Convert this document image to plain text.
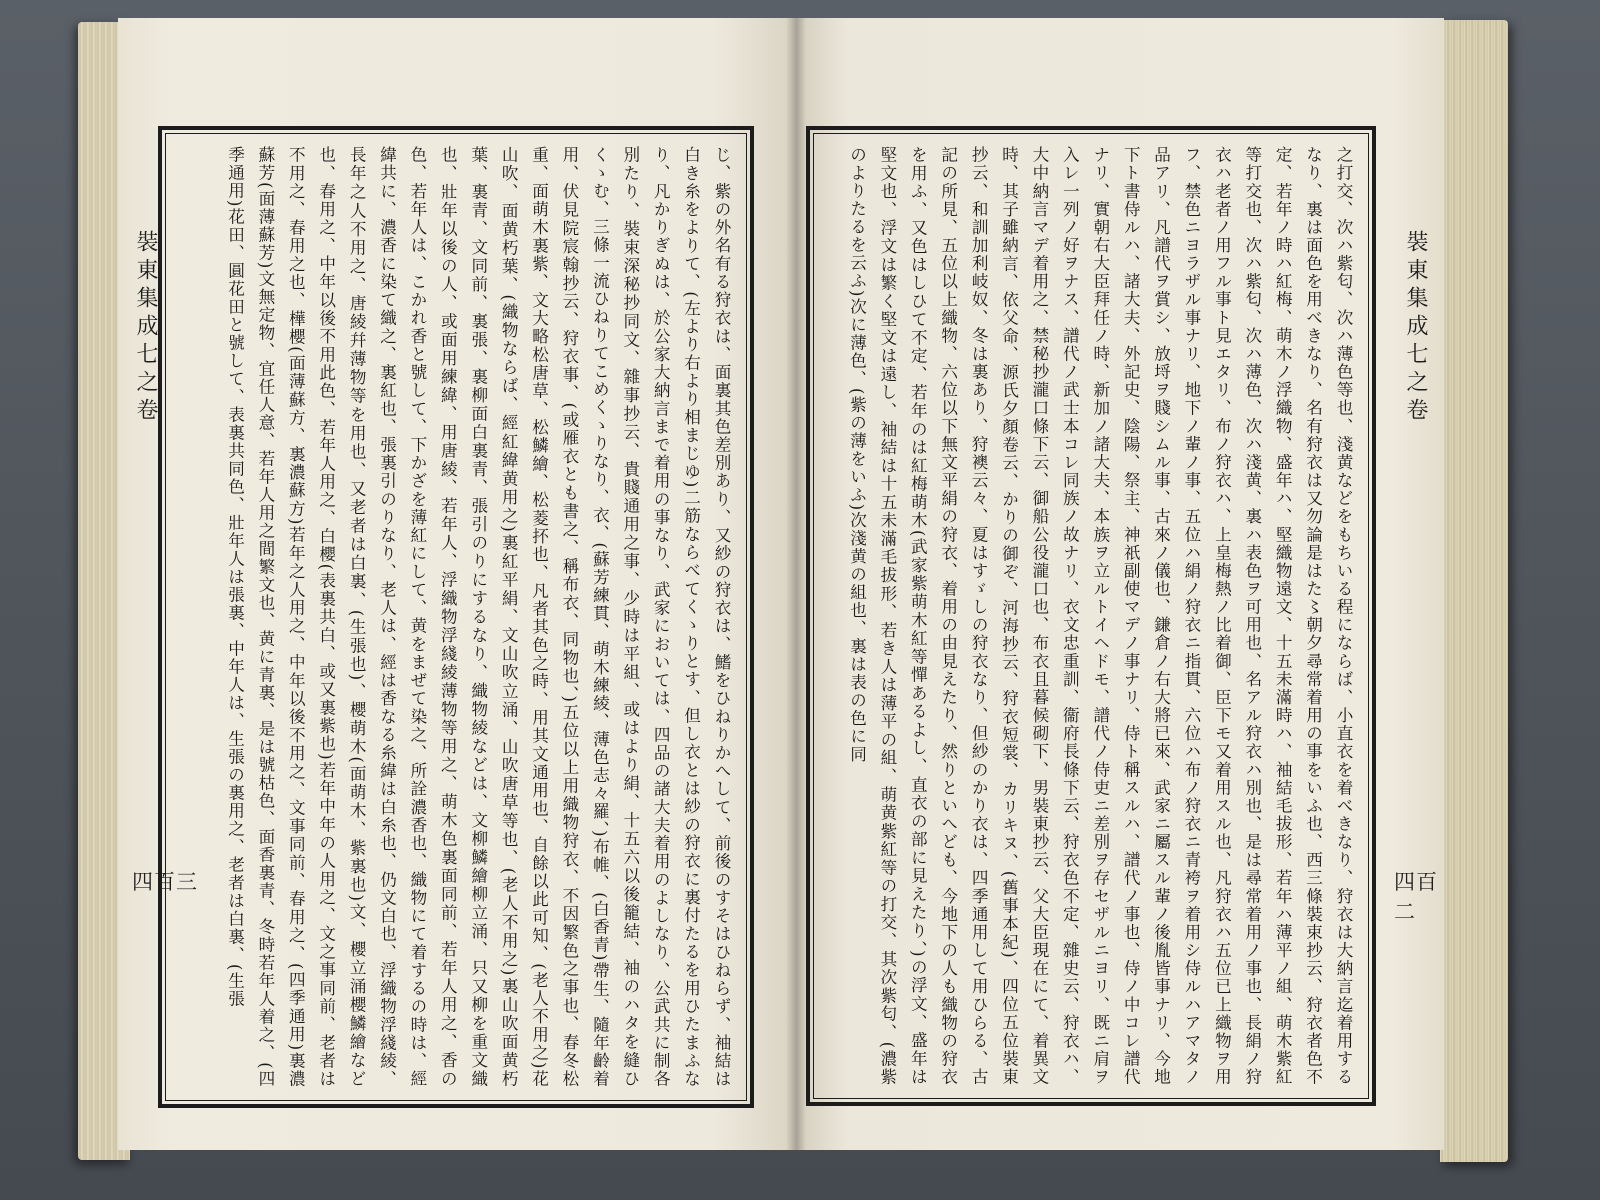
裝東集成七之卷
四百三	じ、紫の外名有る狩衣は、面裏其色差別あり、又紗の狩衣は、鰭をひねりかへして、前後のすそはひねらず、袖結は白き糸をよりて、(左より右より相まじゆ)二筋ならべてくゝりとす、但し衣とは紗の狩衣に裏付たるを用ひたまふなり、凡かりぎぬは、於公家大納言まで着用の事なり、武家においては、四品の諸大夫着用のよしなり、公武共に制各別たり、裝束深秘抄同文、雜事抄云、貴賤通用之事、少時は平組、或はより絹、十五六以後籠結、袖のハタを縫ひくゝむ、三條一流ひねりてこめくゝりなり、衣、(蘇芳練貫、萌木練綾、薄色志々羅、)布帷、(白香青)帶生、隨年齡着用、伏見院宸翰抄云、狩衣事、(或雁衣とも書之、稱布衣、同物也、)五位以上用織物狩衣、不因繁色之事也、春冬松重、面萌木裏紫、文大略松唐草、松鱗繪、松菱抔也、凡者其色之時、用其文通用也、自餘以此可知、(老人不用之)花山吹、面黄朽葉、(織物ならば、經紅緯黄用之)裏紅平絹、文山吹立涌、山吹唐草等也、(老人不用之)裏山吹面黄朽葉、裏青、文同前、裏張、裏柳面白裏青、張引のりにするなり、織物綾などは、文柳鱗繪柳立涌、只又柳を重文織也、壯年以後の人、或面用練緯、用唐綾、若年人、浮織物浮綫綾薄物等用之、萌木色裏面同前、若年人用之、香の色、若年人は、こかれ香と號して、下かざを薄紅にして、黄をまぜて染之、所詮濃香也、織物にて着するの時は、經緯共に、濃香に染て織之、裏紅也、張裏引のりなり、老人は、經は香なる糸緯は白糸也、仍文白也、浮織物浮綫綾、長年之人不用之、唐綾幷薄物等を用也、又老者は白裏、(生張也)、櫻萌木(面萌木、紫裏也)文、櫻立涌櫻鱗繪など也、春用之、中年以後不用此色、若年人用之、白櫻(表裏共白、或又裏紫也)若年中年の人用之、文之事同前、老者は不用之、春用之也、樺櫻(面薄蘇方、裏濃蘇方)若年之人用之、中年以後不用之、文事同前、春用之、(四季通用)裏濃蘇芳(面薄蘇芳)文無定物、宜任人意、若年人用之間繁文也、黄に青裏、是は號枯色、面香裏青、冬時若年人着之、(四季通用)花田、圓花田と號して、表裏共同色、壯年人は張裏、中年人は、生張の裏用之、老者は白裏、(生張	之打交、次ハ紫匂、次ハ薄色等也、淺黄などをもちいる程にならば、小直衣を着べきなり、狩衣は大納言迄着用するなり、裏は面色を用べきなり、名有狩衣は又勿論是はた〻朝夕尋常着用の事をいふ也、西三條裝束抄云、狩衣者色不定、若年ノ時ハ紅梅、萌木ノ浮織物、盛年ハ、堅織物遠文、十五未滿時ハ、袖結毛拔形、若年ハ薄平ノ組、萌木紫紅等打交也、次ハ紫匂、次ハ薄色、次ハ淺黄、裏ハ表色ヲ可用也、名アル狩衣ハ別也、是は尋常着用ノ事也、長絹ノ狩衣ハ老者ノ用フル事ト見エタリ、布ノ狩衣ハ、上皇梅熱ノ比着御、臣下モ又着用スル也、凡狩衣ハ五位已上織物ヲ用フ、禁色ニヨラザル事ナリ、地下ノ輩ノ事、五位ハ絹ノ狩衣ニ指貫、六位ハ布ノ狩衣ニ青袴ヲ着用シ侍ルハアマタノ品アリ、凡譜代ヲ賞シ、放埒ヲ賤シムル事、古來ノ儀也、鎌倉ノ右大將已來、武家ニ屬スル輩ノ後胤皆事ナリ、今地下ト書侍ルハ、諸大夫、外記史、陰陽、祭主、神祇副使マデノ事ナリ、侍ト稱スルハ、譜代ノ事也、侍ノ中コレ譜代ナリ、實朝右大臣拜任ノ時、新加ノ諸大夫、本族ヲ立ルトイヘドモ、譜代ノ侍吏ニ差別ヲ存セザルニヨリ、既ニ肩ヲ入レ一列ノ好ヲナス、譜代ノ武士本コレ同族ノ故ナリ、衣文忠重訓、衞府長條下云、狩衣色不定、雜史云、狩衣ハ、大中納言マデ着用之、禁秘抄瀧口條下云、御船公役瀧口也、布衣且暮候砌下、男裝東抄云、父大臣現在にて、着異文時、其子雖納言、依父命、源氏夕顏卷云、かりの御ぞ、河海抄云、狩衣短裳、カリキヌ、(舊事本紀)、四位五位裝東抄云、和訓加利岐奴、冬は裏あり、狩襖云々、夏はすゞしの狩衣なり、但紗のかり衣は、四季通用して用ひらる、古記の所見、五位以上織物、六位以下無文平絹の狩衣、着用の由見えたり、然りといへども、今地下の人も織物の狩衣を用ふ、又色はしひて不定、若年のは紅梅萌木(武家紫萌木紅等憚あるよし、直衣の部に見えたり、)の浮文、盛年は堅文也、浮文は繁く堅文は遠し、袖結は十五未滿毛拔形、若き人は薄平の組、萌黄紫紅等の打交、其次紫匂、(濃紫のよりたるを云ふ)次に薄色、(紫の薄をいふ)次淺黄の組也、裏は表の色に同	裝東集成七之卷
四百二
